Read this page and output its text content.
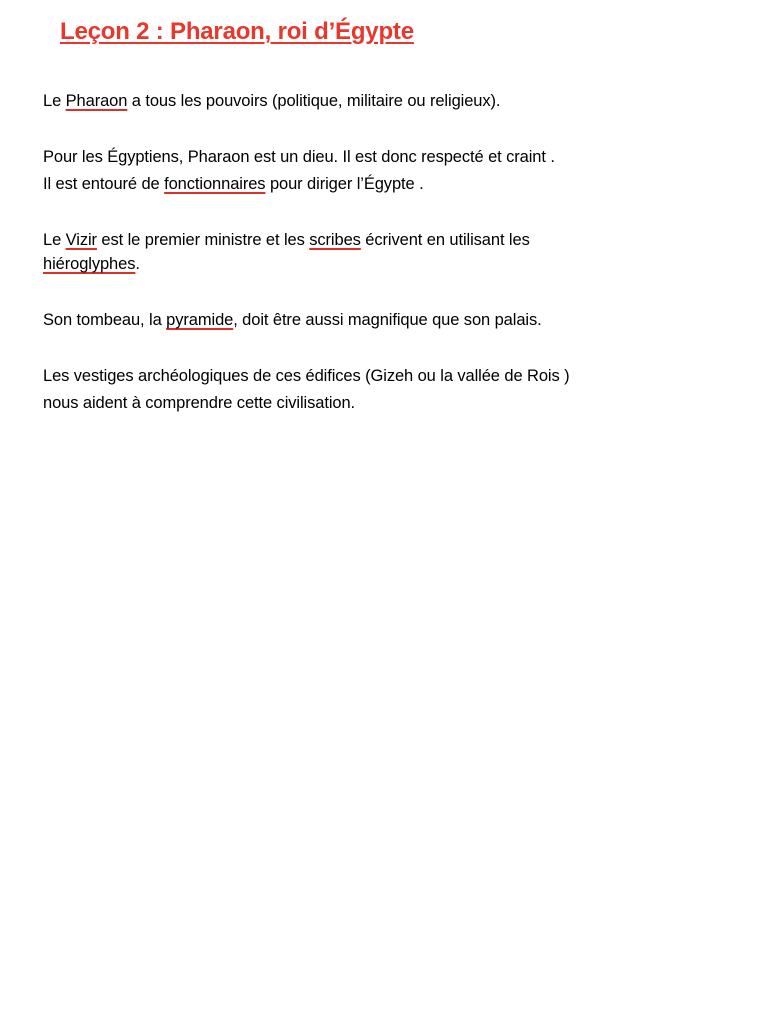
Leçon 2 : Pharaon, roi d’Égypte

Le Pharaon a tous les pouvoirs (politique, militaire ou religieux).

Pour les Égyptiens, Pharaon est un dieu. Il est donc respecté et craint .
Il est entouré de fonctionnaires pour diriger l’Égypte .

Le Vizir est le premier ministre et les scribes écrivent en utilisant les
hiéroglyphes.

Son tombeau, la pyramide, doit être aussi magnifique que son palais.

Les vestiges archéologiques de ces édifices (Gizeh ou la vallée de Rois )
nous aident à comprendre cette civilisation.
